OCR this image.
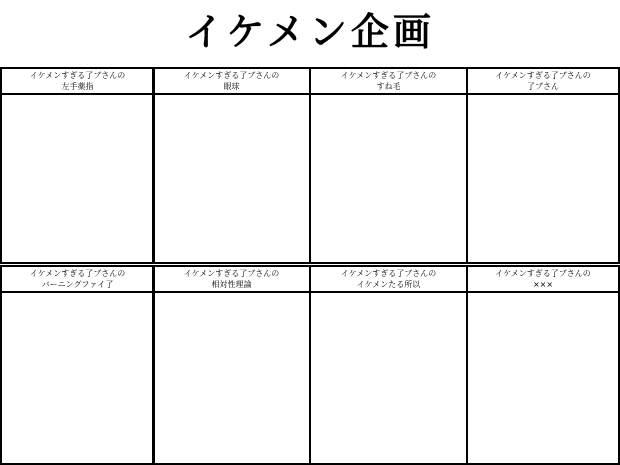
イケメン企画
イケメンすぎる了ブさんの
左手薬指
イケメンすぎる了ブさんの
眼球
イケメンすぎる了ブさんの
すね毛
イケメンすぎる了ブさんの
了ブさん
イケメンすぎる了ブさんの
バーニングファイ了
イケメンすぎる了ブさんの
相対性理論
イケメンすぎる了ブさんの
イケメンたる所以
イケメンすぎる了ブさんの
×××
